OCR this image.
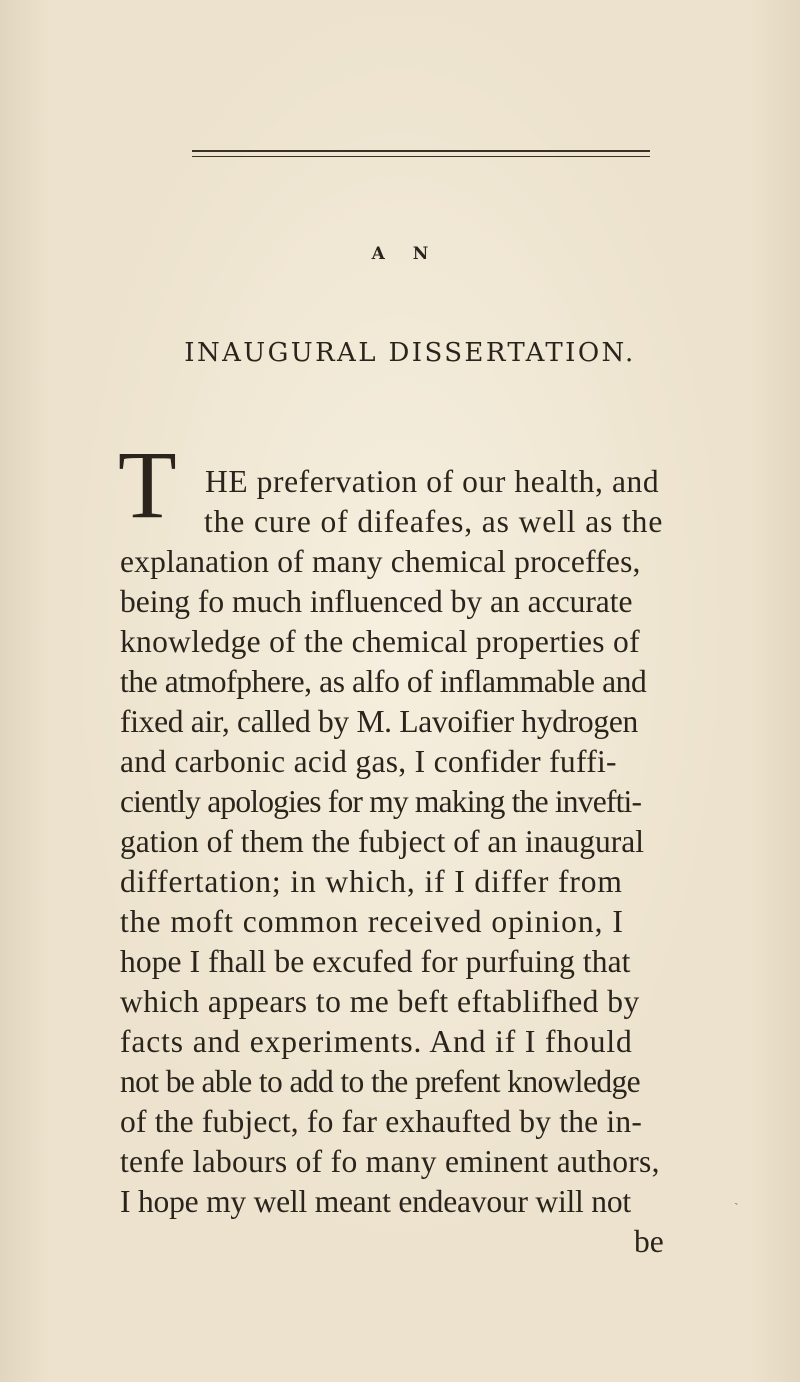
A N
INAUGURAL DISSERTATION.
T HE prefervation of our health, and
the cure of difeafes, as well as the
explanation of many chemical proceffes,
being fo much influenced by an accurate
knowledge of the chemical properties of
the atmofphere, as alfo of inflammable and
fixed air, called by M. Lavoifier hydrogen
and carbonic acid gas, I confider fuffi-
ciently apologies for my making the invefti-
gation of them the fubject of an inaugural
differtation; in which, if I differ from
the moft common received opinion, I
hope I fhall be excufed for purfuing that
which appears to me beft eftablifhed by
facts and experiments. And if I fhould
not be able to add to the prefent knowledge
of the fubject, fo far exhaufted by the in-
tenfe labours of fo many eminent authors,
I hope my well meant endeavour will not
be
ˎ
